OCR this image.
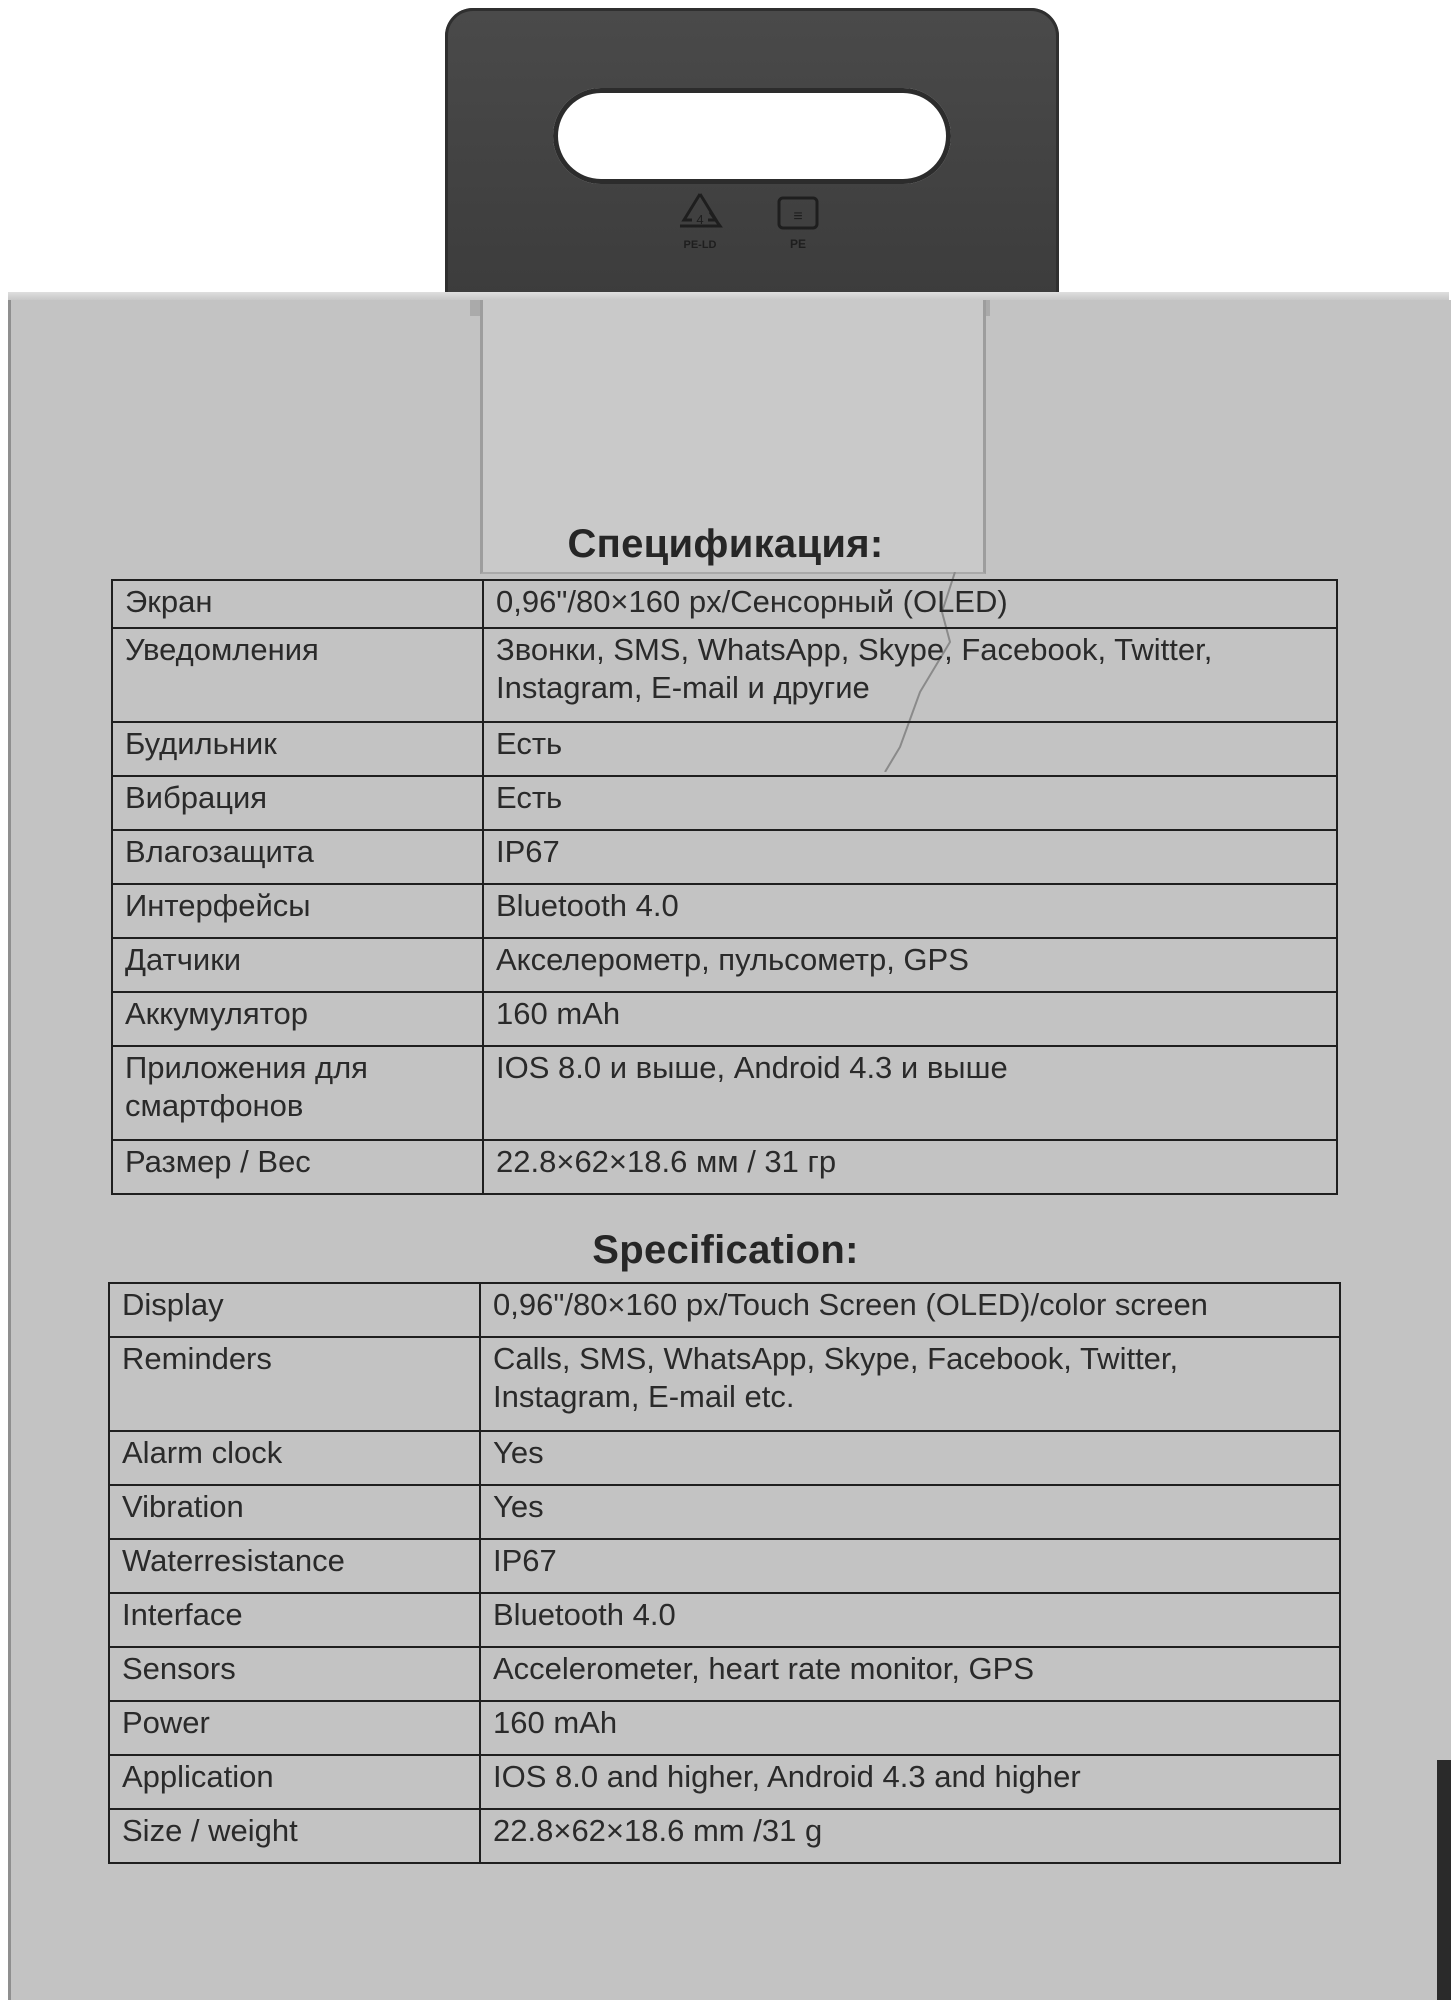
4
PE-LD
≡
PE
Спецификация:
Экран	0,96"/80×160 px/Сенсорный (OLED)
Уведомления	Звонки, SMS, WhatsApp, Skype, Facebook, Twitter, Instagram, E-mail и другие
Будильник	Есть
Вибрация	Есть
Влагозащита	IP67
Интерфейсы	Bluetooth 4.0
Датчики	Акселерометр, пульсометр, GPS
Аккумулятор	160 mAh
Приложения для смартфонов	IOS 8.0 и выше, Android 4.3 и выше
Размер / Вес	22.8×62×18.6 мм / 31 гр
Specification:
Display	0,96"/80×160 px/Touch Screen (OLED)/color screen
Reminders	Calls, SMS, WhatsApp, Skype, Facebook, Twitter, Instagram, E-mail etc.
Alarm clock	Yes
Vibration	Yes
Waterresistance	IP67
Interface	Bluetooth 4.0
Sensors	Accelerometer, heart rate monitor, GPS
Power	160 mAh
Application	IOS 8.0 and higher, Android 4.3 and higher
Size / weight	22.8×62×18.6 mm /31 g
